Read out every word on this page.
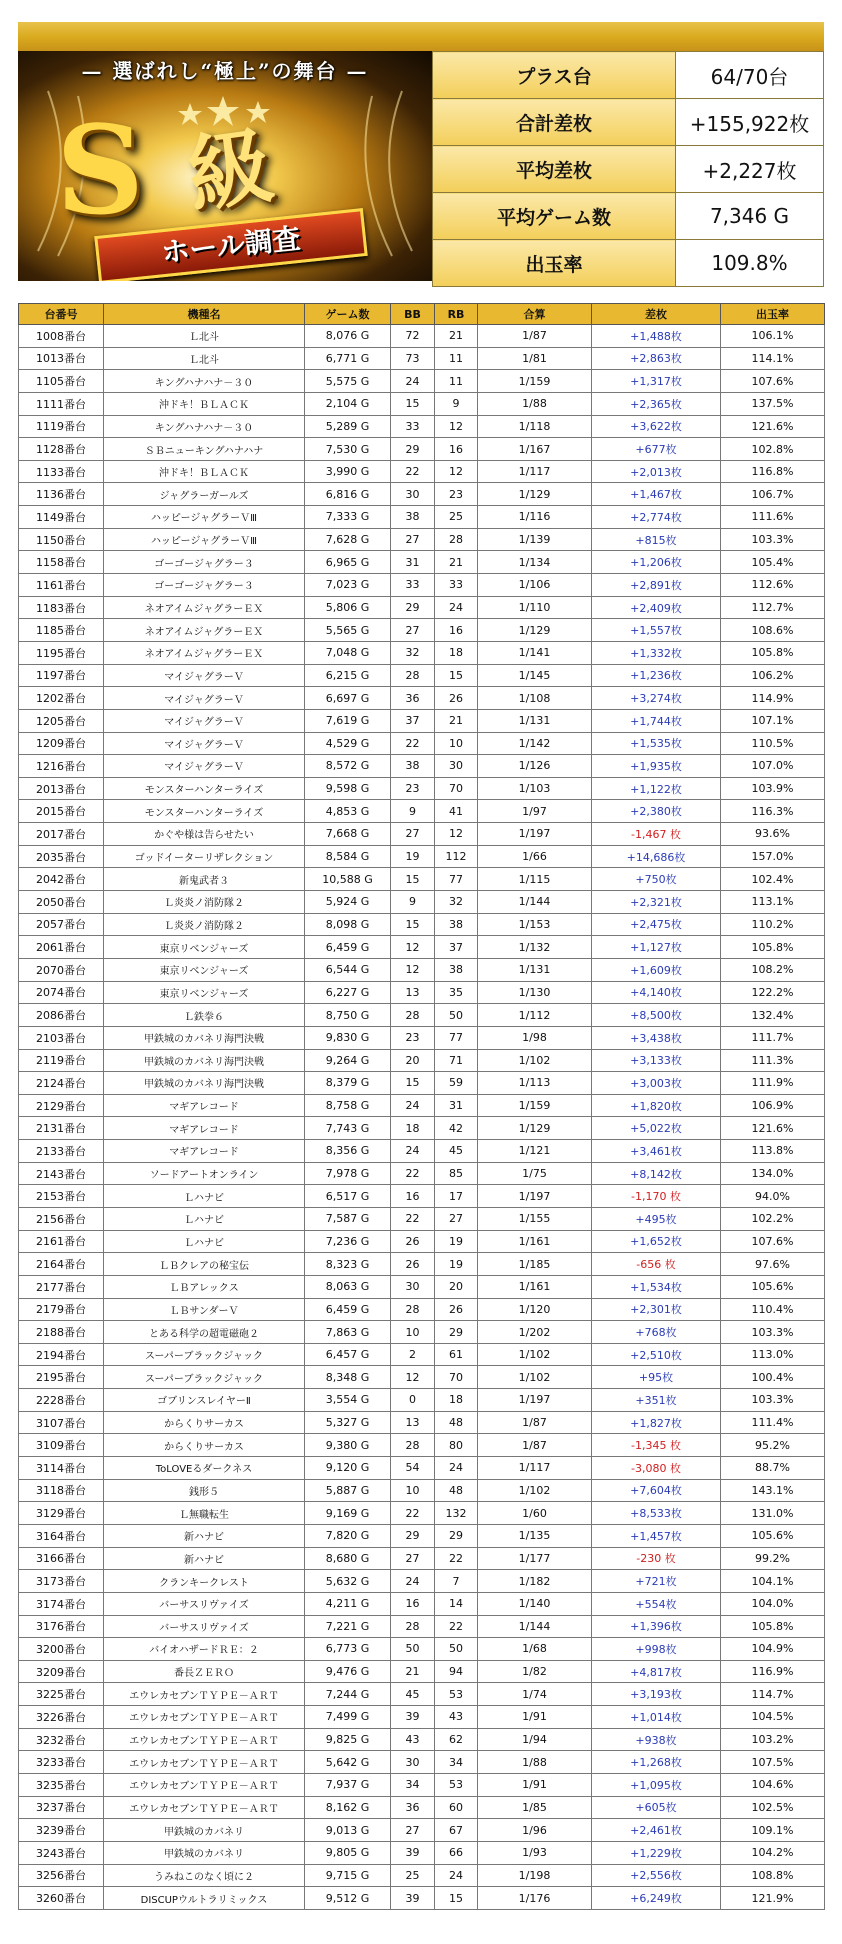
— 選ばれし“極上”の舞台 —
S 級
ホール調査
プラス台	64/70台
合計差枚	+155,922枚
平均差枚	+2,227枚
平均ゲーム数	7,346 G
出玉率	109.8%
台番号	機種名	ゲーム数	BB	RB	合算	差枚	出玉率
1008番台	Ｌ北斗	8,076 G	72	21	1/87	+1,488枚	106.1%
1013番台	Ｌ北斗	6,771 G	73	11	1/81	+2,863枚	114.1%
1105番台	キングハナハナ－３０	5,575 G	24	11	1/159	+1,317枚	107.6%
1111番台	沖ドキ！ＢＬＡＣＫ	2,104 G	15	9	1/88	+2,365枚	137.5%
1119番台	キングハナハナ－３０	5,289 G	33	12	1/118	+3,622枚	121.6%
1128番台	ＳＢニューキングハナハナ	7,530 G	29	16	1/167	+677枚	102.8%
1133番台	沖ドキ！ＢＬＡＣＫ	3,990 G	22	12	1/117	+2,013枚	116.8%
1136番台	ジャグラーガールズ	6,816 G	30	23	1/129	+1,467枚	106.7%
1149番台	ハッピージャグラーＶⅢ	7,333 G	38	25	1/116	+2,774枚	111.6%
1150番台	ハッピージャグラーＶⅢ	7,628 G	27	28	1/139	+815枚	103.3%
1158番台	ゴーゴージャグラー３	6,965 G	31	21	1/134	+1,206枚	105.4%
1161番台	ゴーゴージャグラー３	7,023 G	33	33	1/106	+2,891枚	112.6%
1183番台	ネオアイムジャグラーＥＸ	5,806 G	29	24	1/110	+2,409枚	112.7%
1185番台	ネオアイムジャグラーＥＸ	5,565 G	27	16	1/129	+1,557枚	108.6%
1195番台	ネオアイムジャグラーＥＸ	7,048 G	32	18	1/141	+1,332枚	105.8%
1197番台	マイジャグラーＶ	6,215 G	28	15	1/145	+1,236枚	106.2%
1202番台	マイジャグラーＶ	6,697 G	36	26	1/108	+3,274枚	114.9%
1205番台	マイジャグラーＶ	7,619 G	37	21	1/131	+1,744枚	107.1%
1209番台	マイジャグラーＶ	4,529 G	22	10	1/142	+1,535枚	110.5%
1216番台	マイジャグラーＶ	8,572 G	38	30	1/126	+1,935枚	107.0%
2013番台	モンスターハンターライズ	9,598 G	23	70	1/103	+1,122枚	103.9%
2015番台	モンスターハンターライズ	4,853 G	9	41	1/97	+2,380枚	116.3%
2017番台	かぐや様は告らせたい	7,668 G	27	12	1/197	-1,467 枚	93.6%
2035番台	ゴッドイーターリザレクション	8,584 G	19	112	1/66	+14,686枚	157.0%
2042番台	新鬼武者３	10,588 G	15	77	1/115	+750枚	102.4%
2050番台	Ｌ炎炎ノ消防隊２	5,924 G	9	32	1/144	+2,321枚	113.1%
2057番台	Ｌ炎炎ノ消防隊２	8,098 G	15	38	1/153	+2,475枚	110.2%
2061番台	東京リベンジャーズ	6,459 G	12	37	1/132	+1,127枚	105.8%
2070番台	東京リベンジャーズ	6,544 G	12	38	1/131	+1,609枚	108.2%
2074番台	東京リベンジャーズ	6,227 G	13	35	1/130	+4,140枚	122.2%
2086番台	Ｌ鉄拳６	8,750 G	28	50	1/112	+8,500枚	132.4%
2103番台	甲鉄城のカバネリ海門決戦	9,830 G	23	77	1/98	+3,438枚	111.7%
2119番台	甲鉄城のカバネリ海門決戦	9,264 G	20	71	1/102	+3,133枚	111.3%
2124番台	甲鉄城のカバネリ海門決戦	8,379 G	15	59	1/113	+3,003枚	111.9%
2129番台	マギアレコード	8,758 G	24	31	1/159	+1,820枚	106.9%
2131番台	マギアレコード	7,743 G	18	42	1/129	+5,022枚	121.6%
2133番台	マギアレコード	8,356 G	24	45	1/121	+3,461枚	113.8%
2143番台	ソードアートオンライン	7,978 G	22	85	1/75	+8,142枚	134.0%
2153番台	Ｌハナビ	6,517 G	16	17	1/197	-1,170 枚	94.0%
2156番台	Ｌハナビ	7,587 G	22	27	1/155	+495枚	102.2%
2161番台	Ｌハナビ	7,236 G	26	19	1/161	+1,652枚	107.6%
2164番台	ＬＢクレアの秘宝伝	8,323 G	26	19	1/185	-656 枚	97.6%
2177番台	ＬＢアレックス	8,063 G	30	20	1/161	+1,534枚	105.6%
2179番台	ＬＢサンダーＶ	6,459 G	28	26	1/120	+2,301枚	110.4%
2188番台	とある科学の超電磁砲２	7,863 G	10	29	1/202	+768枚	103.3%
2194番台	スーパーブラックジャック	6,457 G	2	61	1/102	+2,510枚	113.0%
2195番台	スーパーブラックジャック	8,348 G	12	70	1/102	+95枚	100.4%
2228番台	ゴブリンスレイヤーⅡ	3,554 G	0	18	1/197	+351枚	103.3%
3107番台	からくりサーカス	5,327 G	13	48	1/87	+1,827枚	111.4%
3109番台	からくりサーカス	9,380 G	28	80	1/87	-1,345 枚	95.2%
3114番台	ToLOVEるダークネス	9,120 G	54	24	1/117	-3,080 枚	88.7%
3118番台	銭形５	5,887 G	10	48	1/102	+7,604枚	143.1%
3129番台	Ｌ無職転生	9,169 G	22	132	1/60	+8,533枚	131.0%
3164番台	新ハナビ	7,820 G	29	29	1/135	+1,457枚	105.6%
3166番台	新ハナビ	8,680 G	27	22	1/177	-230 枚	99.2%
3173番台	クランキークレスト	5,632 G	24	7	1/182	+721枚	104.1%
3174番台	バーサスリヴァイズ	4,211 G	16	14	1/140	+554枚	104.0%
3176番台	バーサスリヴァイズ	7,221 G	28	22	1/144	+1,396枚	105.8%
3200番台	バイオハザードＲＥ：２	6,773 G	50	50	1/68	+998枚	104.9%
3209番台	番長ＺＥＲＯ	9,476 G	21	94	1/82	+4,817枚	116.9%
3225番台	エウレカセブンＴＹＰＥ－ＡＲＴ	7,244 G	45	53	1/74	+3,193枚	114.7%
3226番台	エウレカセブンＴＹＰＥ－ＡＲＴ	7,499 G	39	43	1/91	+1,014枚	104.5%
3232番台	エウレカセブンＴＹＰＥ－ＡＲＴ	9,825 G	43	62	1/94	+938枚	103.2%
3233番台	エウレカセブンＴＹＰＥ－ＡＲＴ	5,642 G	30	34	1/88	+1,268枚	107.5%
3235番台	エウレカセブンＴＹＰＥ－ＡＲＴ	7,937 G	34	53	1/91	+1,095枚	104.6%
3237番台	エウレカセブンＴＹＰＥ－ＡＲＴ	8,162 G	36	60	1/85	+605枚	102.5%
3239番台	甲鉄城のカバネリ	9,013 G	27	67	1/96	+2,461枚	109.1%
3243番台	甲鉄城のカバネリ	9,805 G	39	66	1/93	+1,229枚	104.2%
3256番台	うみねこのなく頃に２	9,715 G	25	24	1/198	+2,556枚	108.8%
3260番台	DISCUPウルトラリミックス	9,512 G	39	15	1/176	+6,249枚	121.9%
